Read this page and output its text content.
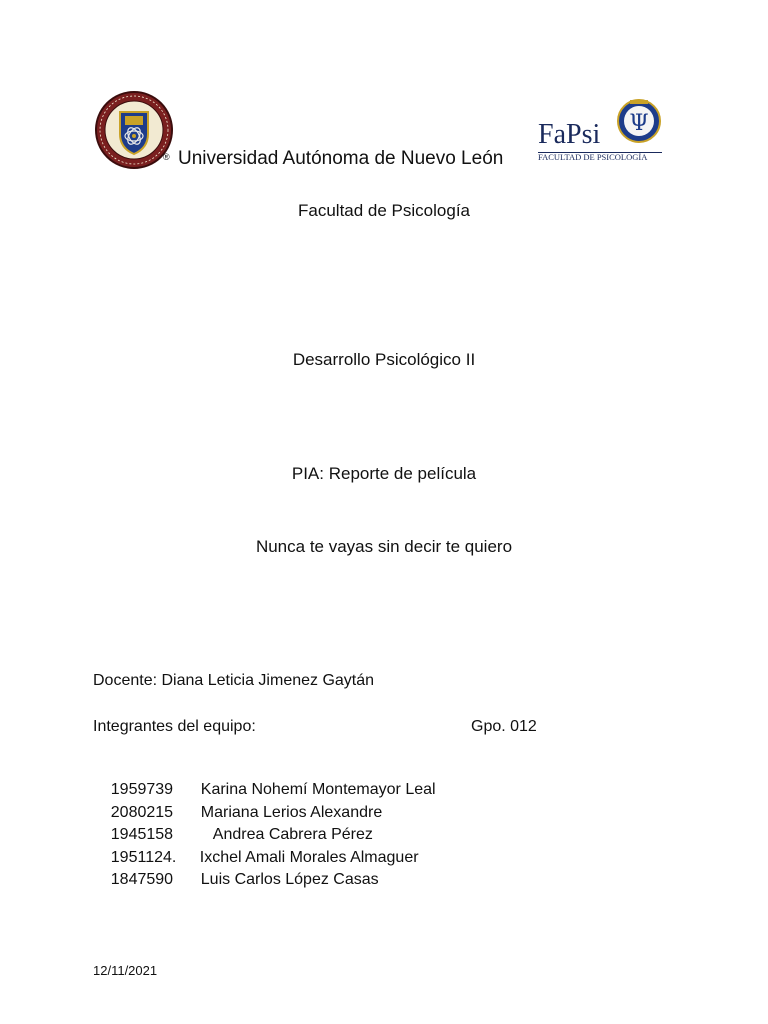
® Universidad Autónoma de Nuevo León
FaPsi Ψ
FACULTAD DE PSICOLOGÍA
Facultad de Psicología
Desarrollo Psicológico II
PIA: Reporte de película
Nunca te vayas sin decir te quiero
Docente: Diana Leticia Jimenez Gaytán
Integrantes del equipo:	Gpo. 012

1959739 Karina Nohemí Montemayor Leal

2080215 Mariana Lerios Alexandre

1945158 Andrea Cabrera Pérez

1951124. Ixchel Amali Morales Almaguer

1847590 Luis Carlos López Casas

12/11/2021
